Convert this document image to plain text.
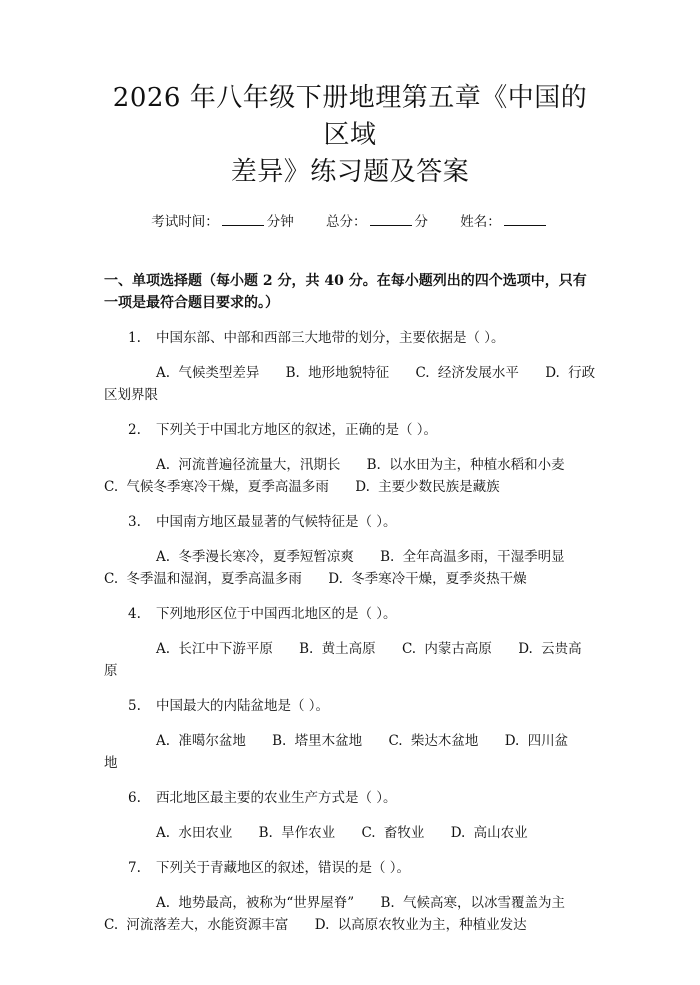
2026 年八年级下册地理第五章《中国的区域
差异》练习题及答案
考试时间：	分钟 总分：	分 姓名：
一、单项选择题（每小题 2 分，共 40 分。在每小题列出的四个选项中，只有一项是最符合题目要求的。）
1. 中国东部、中部和西部三大地带的划分，主要依据是（ ）。
A. 气候类型差异 B. 地形地貌特征 C. 经济发展水平 D. 行政区划界限
2. 下列关于中国北方地区的叙述，正确的是（ ）。
A. 河流普遍径流量大，汛期长 B. 以水田为主，种植水稻和小麦 C. 气候冬季寒冷干燥，夏季高温多雨 D. 主要少数民族是藏族
3. 中国南方地区最显著的气候特征是（ ）。
A. 冬季漫长寒冷，夏季短暂凉爽 B. 全年高温多雨，干湿季明显 C. 冬季温和湿润，夏季高温多雨 D. 冬季寒冷干燥，夏季炎热干燥
4. 下列地形区位于中国西北地区的是（ ）。
A. 长江中下游平原 B. 黄土高原 C. 内蒙古高原 D. 云贵高原
5. 中国最大的内陆盆地是（ ）。
A. 准噶尔盆地 B. 塔里木盆地 C. 柴达木盆地 D. 四川盆地
6. 西北地区最主要的农业生产方式是（ ）。
A. 水田农业 B. 旱作农业 C. 畜牧业 D. 高山农业
7. 下列关于青藏地区的叙述，错误的是（ ）。
A. 地势最高，被称为“世界屋脊” B. 气候高寒，以冰雪覆盖为主 C. 河流落差大，水能资源丰富 D. 以高原农牧业为主，种植业发达
